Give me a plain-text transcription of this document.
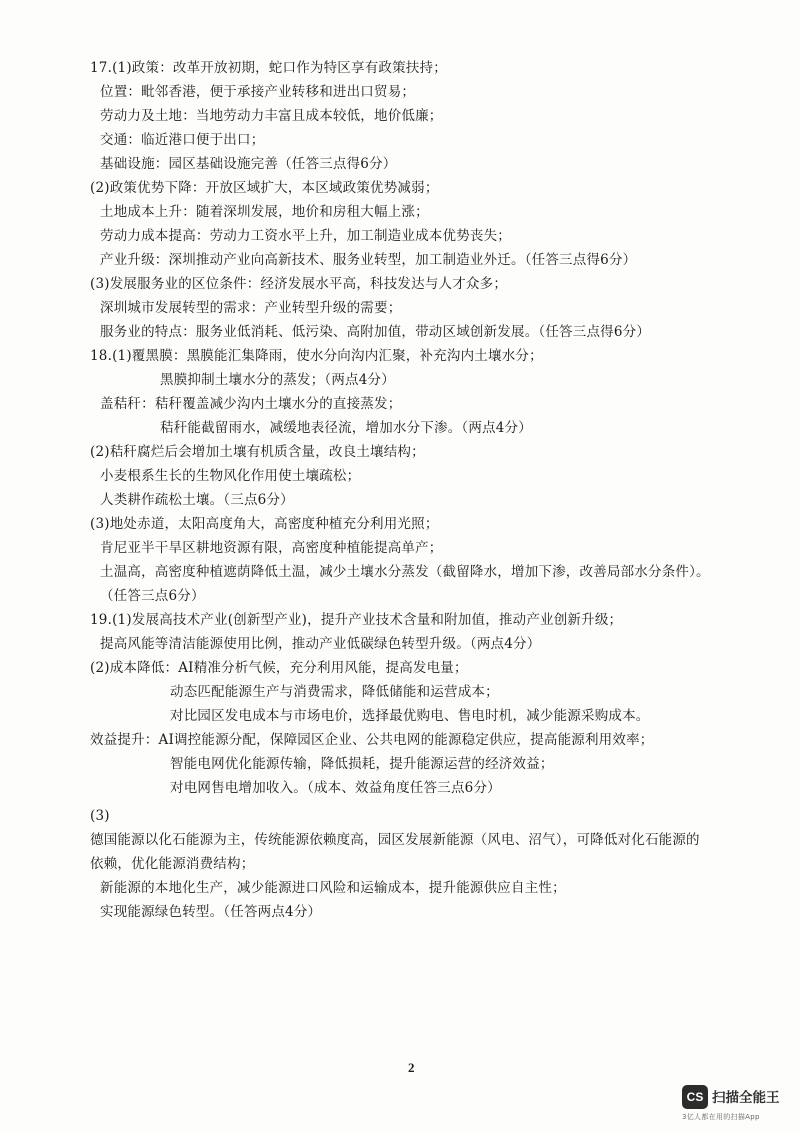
17.(1)政策：改革开放初期，蛇口作为特区享有政策扶持；
位置：毗邻香港，便于承接产业转移和进出口贸易；
劳动力及土地：当地劳动力丰富且成本较低，地价低廉；
交通：临近港口便于出口；
基础设施：园区基础设施完善（任答三点得6分）
(2)政策优势下降：开放区域扩大，本区域政策优势减弱；
土地成本上升：随着深圳发展，地价和房租大幅上涨；
劳动力成本提高：劳动力工资水平上升，加工制造业成本优势丧失；
产业升级：深圳推动产业向高新技术、服务业转型，加工制造业外迁。（任答三点得6分）
(3)发展服务业的区位条件：经济发展水平高，科技发达与人才众多；
深圳城市发展转型的需求：产业转型升级的需要；
服务业的特点：服务业低消耗、低污染、高附加值，带动区域创新发展。（任答三点得6分）
18.(1)覆黑膜：黑膜能汇集降雨，使水分向沟内汇聚，补充沟内土壤水分；
黑膜抑制土壤水分的蒸发；（两点4分）
盖秸秆：秸秆覆盖减少沟内土壤水分的直接蒸发；
秸秆能截留雨水，减缓地表径流，增加水分下渗。（两点4分）
(2)秸秆腐烂后会增加土壤有机质含量，改良土壤结构；
小麦根系生长的生物风化作用使土壤疏松；
人类耕作疏松土壤。（三点6分）
(3)地处赤道，太阳高度角大，高密度种植充分利用光照；
肯尼亚半干旱区耕地资源有限，高密度种植能提高单产；
土温高，高密度种植遮荫降低土温，减少土壤水分蒸发（截留降水，增加下渗，改善局部水分条件）。
（任答三点6分）
19.(1)发展高技术产业(创新型产业)，提升产业技术含量和附加值，推动产业创新升级；
提高风能等清洁能源使用比例，推动产业低碳绿色转型升级。（两点4分）
(2)成本降低：AI精准分析气候，充分利用风能，提高发电量；
动态匹配能源生产与消费需求，降低储能和运营成本；
对比园区发电成本与市场电价，选择最优购电、售电时机，减少能源采购成本。
效益提升：AI调控能源分配，保障园区企业、公共电网的能源稳定供应，提高能源利用效率；
智能电网优化能源传输，降低损耗，提升能源运营的经济效益；
对电网售电增加收入。（成本、效益角度任答三点6分）
(3)
德国能源以化石能源为主，传统能源依赖度高，园区发展新能源（风电、沼气），可降低对化石能源的
依赖，优化能源消费结构；
新能源的本地化生产，减少能源进口风险和运输成本，提升能源供应自主性；
实现能源绿色转型。（任答两点4分）
2
CS 扫描全能王
3亿人都在用的扫描App
